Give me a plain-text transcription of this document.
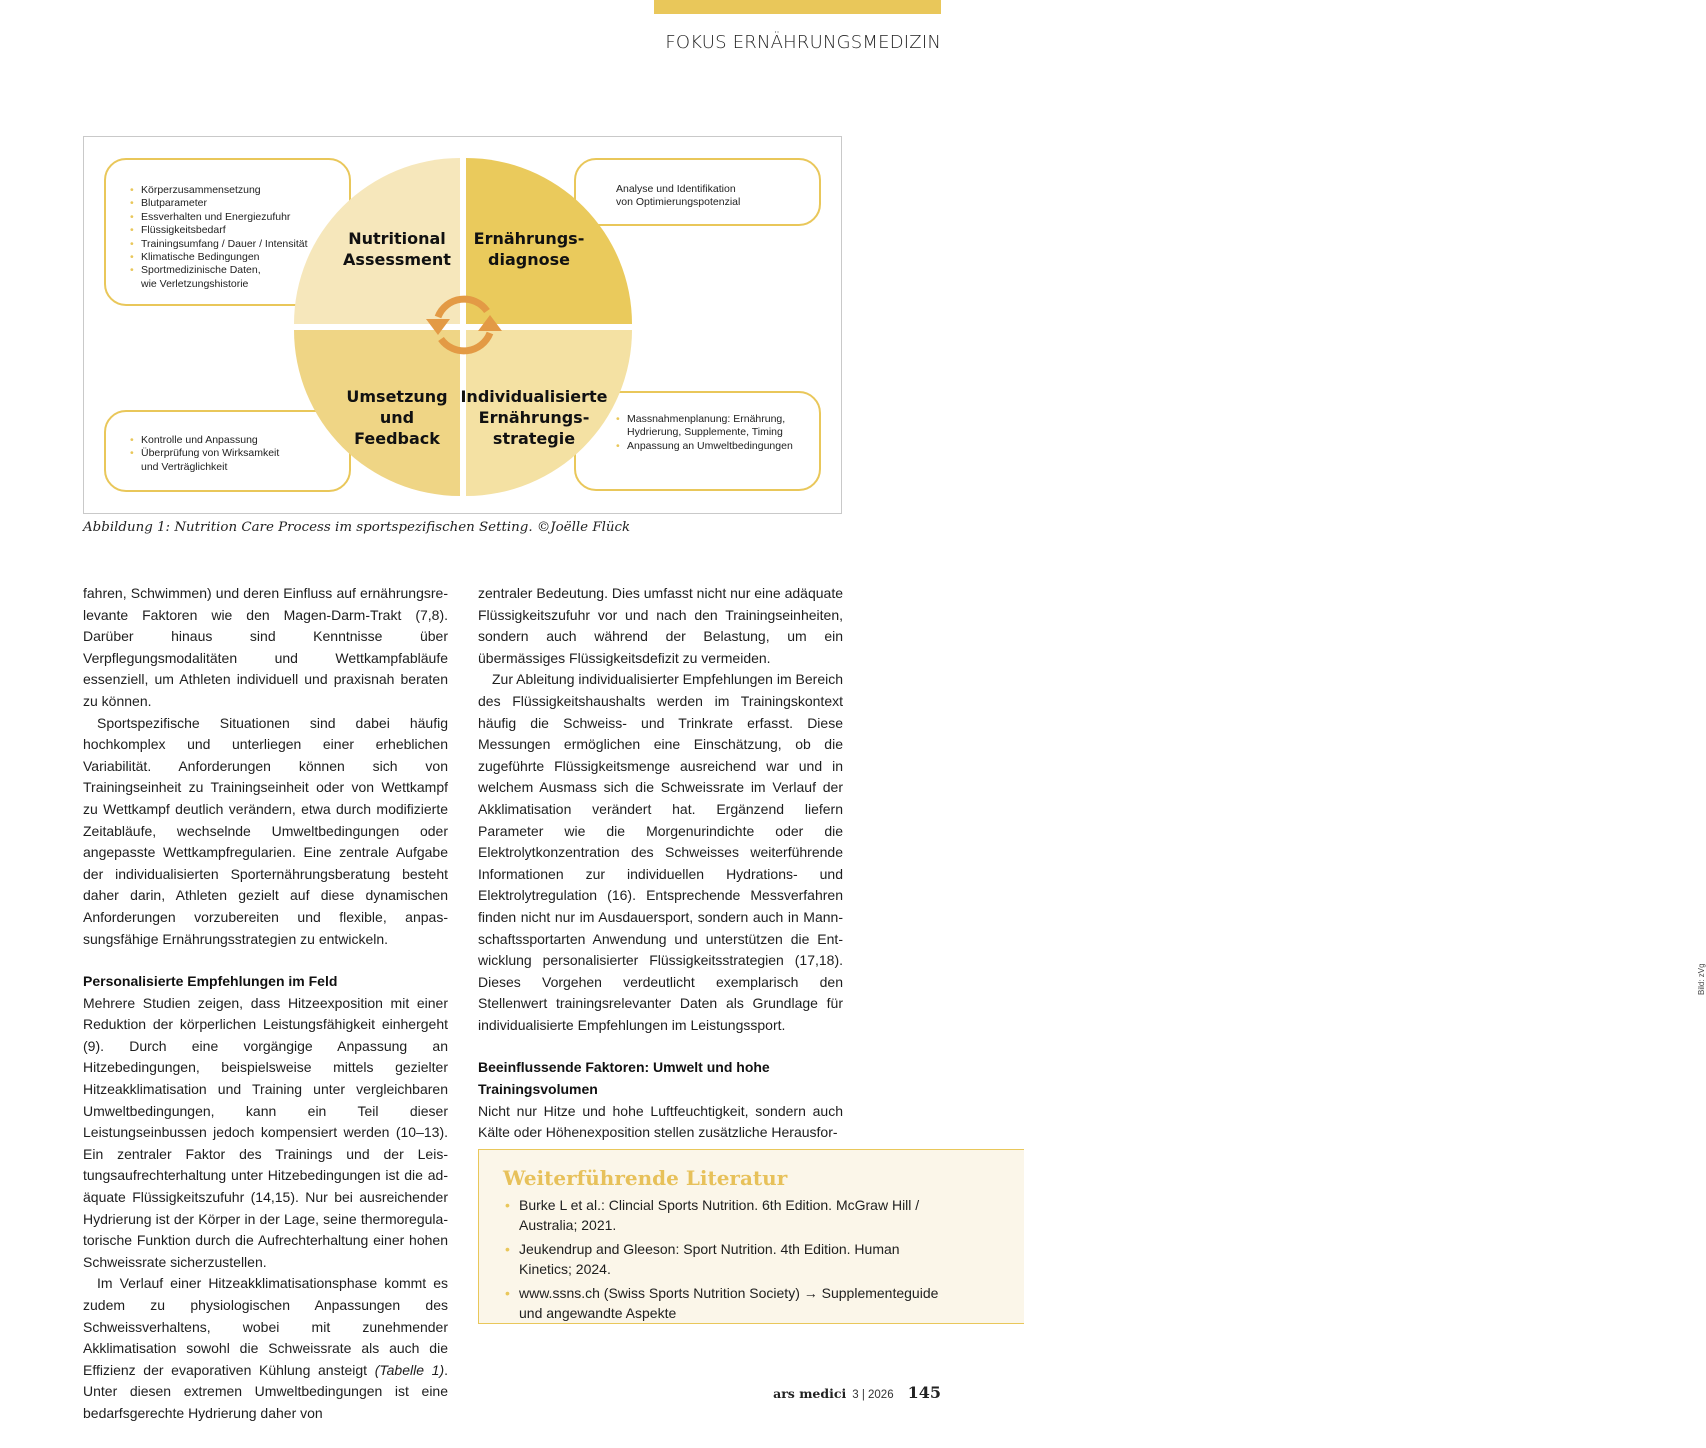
FOKUS ERNÄHRUNGSMEDIZIN
• Körperzusammensetzung
• Blutparameter
• Essverhalten und Energiezufuhr
• Flüssigkeitsbedarf
• Trainingsumfang / Dauer / Intensität
• Klimatische Bedingungen
• Sportmedizinische Daten,
wie Verletzungshistorie
Analyse und Identifikation
von Optimierungspotenzial
• Massnahmenplanung: Ernährung,
Hydrierung, Supplemente, Timing
• Anpassung an Umweltbedingungen
• Kontrolle und Anpassung
• Überprüfung von Wirksamkeit
und Verträglichkeit
Nutritional
Assessment
Ernährungs-
diagnose
Umsetzung
und
Feedback
Individualisierte
Ernährungs-
strategie
Bild: zVg
Abbildung 1: Nutrition Care Process im sportspezifischen Setting. ©Joëlle Flück

fahren, Schwimmen) und deren Einfluss auf ernährungsrelevante Faktoren wie den Magen-Darm-Trakt (7,8). Darüber hinaus sind Kenntnisse über Verpflegungsmodalitäten und Wettkampfabläufe essenziell, um Athleten individuell und praxisnah beraten zu können.

Sportspezifische Situationen sind dabei häufig hochkomplex und unterliegen einer erheblichen Variabilität. Anforderungen können sich von Trainingseinheit zu Trainingseinheit oder von Wettkampf zu Wettkampf deutlich verändern, etwa durch modifizierte Zeitabläufe, wechselnde Umweltbedingungen oder angepasste Wettkampfregularien. Eine zentrale Aufgabe der individualisierten Sporternährungsberatung besteht daher darin, Athleten gezielt auf diese dynamischen Anforderungen vorzubereiten und flexible, anpassungsfähige Ernährungsstrategien zu entwickeln.

Personalisierte Empfehlungen im Feld

Mehrere Studien zeigen, dass Hitzeexposition mit einer Reduktion der körperlichen Leistungsfähigkeit einhergeht (9). Durch eine vorgängige Anpassung an Hitzebedingungen, beispielsweise mittels gezielter Hitzeakklimatisation und Training unter vergleichbaren Umweltbedingungen, kann ein Teil dieser Leistungseinbussen jedoch kompensiert werden (10–13). Ein zentraler Faktor des Trainings und der Leistungsaufrechterhaltung unter Hitzebedingungen ist die adäquate Flüssigkeitszufuhr (14,15). Nur bei ausreichender Hydrierung ist der Körper in der Lage, seine thermoregulatorische Funktion durch die Aufrechterhaltung einer hohen Schweissrate sicherzustellen.

Im Verlauf einer Hitzeakklimatisationsphase kommt es zudem zu physiologischen Anpassungen des Schweissverhaltens, wobei mit zunehmender Akklimatisation sowohl die Schweissrate als auch die Effizienz der evaporativen Kühlung ansteigt (Tabelle 1). Unter diesen extremen Umweltbedingungen ist eine bedarfsgerechte Hydrierung daher von

zentraler Bedeutung. Dies umfasst nicht nur eine adäquate Flüssigkeitszufuhr vor und nach den Trainingseinheiten, sondern auch während der Belastung, um ein übermässiges Flüssigkeitsdefizit zu vermeiden.

Zur Ableitung individualisierter Empfehlungen im Bereich des Flüssigkeitshaushalts werden im Trainingskontext häufig die Schweiss- und Trinkrate erfasst. Diese Messungen ermöglichen eine Einschätzung, ob die zugeführte Flüssigkeitsmenge ausreichend war und in welchem Ausmass sich die Schweissrate im Verlauf der Akklimatisation verändert hat. Ergänzend liefern Parameter wie die Morgenurindichte oder die Elektrolytkonzentration des Schweisses weiterführende Informationen zur individuellen Hydrations- und Elektrolytregulation (16). Entsprechende Messverfahren finden nicht nur im Ausdauersport, sondern auch in Mannschaftssportarten Anwendung und unterstützen die Entwicklung personalisierter Flüssigkeitsstrategien (17,18). Dieses Vorgehen verdeutlicht exemplarisch den Stellenwert trainingsrelevanter Daten als Grundlage für individualisierte Empfehlungen im Leistungssport.

Beeinflussende Faktoren: Umwelt und hohe Trainingsvolumen

Nicht nur Hitze und hohe Luftfeuchtigkeit, sondern auch Kälte oder Höhenexposition stellen zusätzliche Herausfor-

Weiterführende Literatur
• Burke L et al.: Clincial Sports Nutrition. 6th Edition. McGraw Hill / Australia; 2021.
• Jeukendrup and Gleeson: Sport Nutrition. 4th Edition. Human Kinetics; 2024.
• www.ssns.ch (Swiss Sports Nutrition Society) → Supplementeguide und angewandte Aspekte
ars medici 3 | 2026 145
